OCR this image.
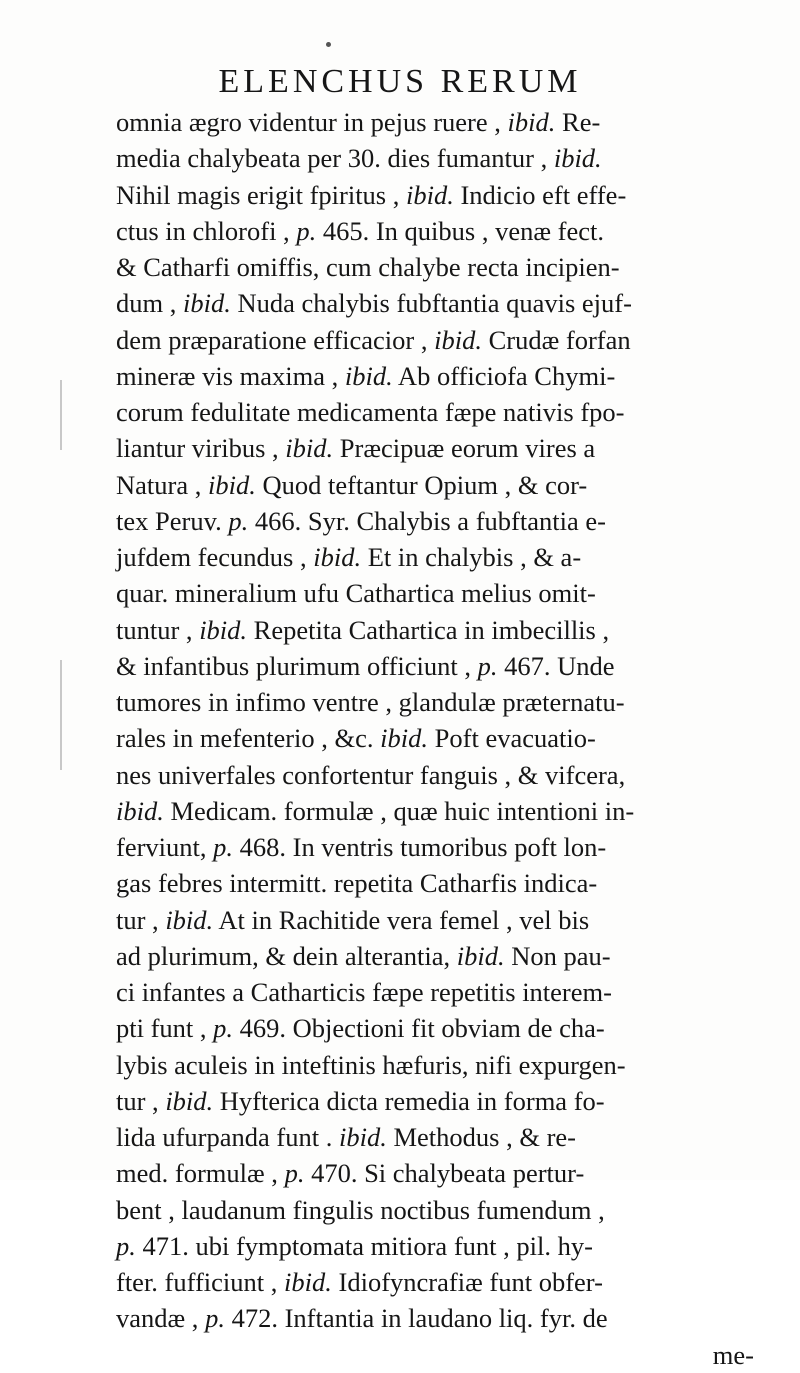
ELENCHUS RERUM
omnia ægro videntur in pejus ruere , ibid. Re-
media chalybeata per 30. dies fumantur , ibid.
Nihil magis erigit fpiritus , ibid. Indicio eft effe-
ctus in chlorofi , p. 465. In quibus , venæ fect.
& Catharfi omiffis, cum chalybe recta incipien-
dum , ibid. Nuda chalybis fubftantia quavis ejuf-
dem præparatione efficacior , ibid. Crudæ forfan
mineræ vis maxima , ibid. Ab officiofa Chymi-
corum fedulitate medicamenta fæpe nativis fpo-
liantur viribus , ibid. Præcipuæ eorum vires a
Natura , ibid. Quod teftantur Opium , & cor-
tex Peruv. p. 466. Syr. Chalybis a fubftantia e-
jufdem fecundus , ibid. Et in chalybis , & a-
quar. mineralium ufu Cathartica melius omit-
tuntur , ibid. Repetita Cathartica in imbecillis ,
& infantibus plurimum officiunt , p. 467. Unde
tumores in infimo ventre , glandulæ præternatu-
rales in mefenterio , &c. ibid. Poft evacuatio-
nes univerfales confortentur fanguis , & vifcera,
ibid. Medicam. formulæ , quæ huic intentioni in-
ferviunt, p. 468. In ventris tumoribus poft lon-
gas febres intermitt. repetita Catharfis indica-
tur , ibid. At in Rachitide vera femel , vel bis
ad plurimum, & dein alterantia, ibid. Non pau-
ci infantes a Catharticis fæpe repetitis interem-
pti funt , p. 469. Objectioni fit obviam de cha-
lybis aculeis in inteftinis hæfuris, nifi expurgen-
tur , ibid. Hyfterica dicta remedia in forma fo-
lida ufurpanda funt . ibid. Methodus , & re-
med. formulæ , p. 470. Si chalybeata pertur-
bent , laudanum fingulis noctibus fumendum ,
p. 471. ubi fymptomata mitiora funt , pil. hy-
fter. fufficiunt , ibid. Idiofyncrafiæ funt obfer-
vandæ , p. 472. Inftantia in laudano liq. fyr. de
me-
